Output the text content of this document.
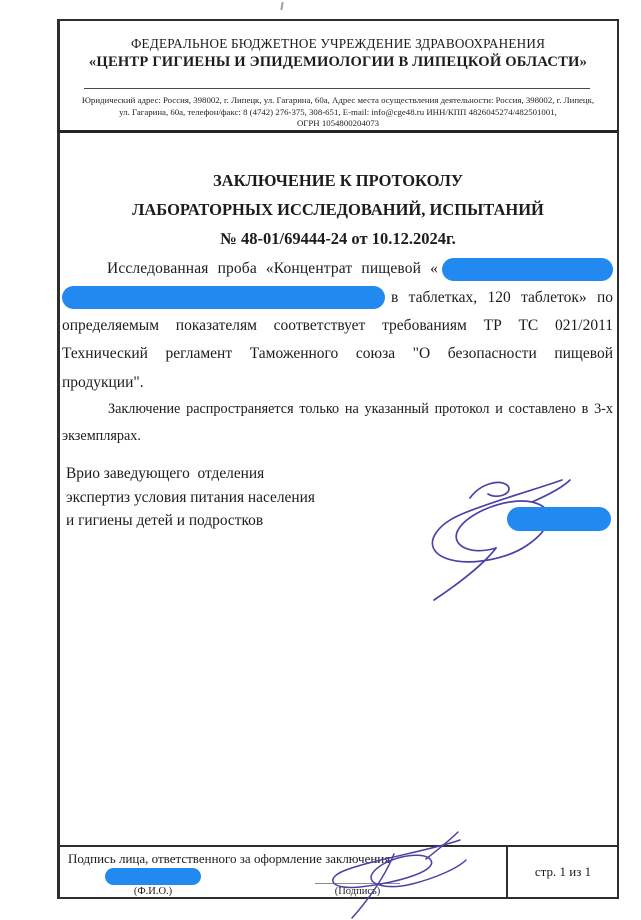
ФЕДЕРАЛЬНОЕ БЮДЖЕТНОЕ УЧРЕЖДЕНИЕ ЗДРАВООХРАНЕНИЯ
«ЦЕНТР ГИГИЕНЫ И ЭПИДЕМИОЛОГИИ В ЛИПЕЦКОЙ ОБЛАСТИ»
Юридический адрес: Россия, 398002, г. Липецк, ул. Гагарина, 60а, Адрес места осуществления деятельности: Россия, 398002, г. Липецк,
ул. Гагарина, 60а, телефон/факс: 8 (4742) 276-375, 308-651, E-mail: info@cge48.ru ИНН/КПП 4826045274/482501001,
ОГРН 1054800204073
ЗАКЛЮЧЕНИЕ К ПРОТОКОЛУ
ЛАБОРАТОРНЫХ ИССЛЕДОВАНИЙ, ИСПЫТАНИЙ
№ 48-01/69444-24 от 10.12.2024г.
Исследованная проба «Концентрат пищевой «
в таблетках, 120 таблеток» по
определяемым показателям соответствует требованиям ТР ТС 021/2011
Технический регламент Таможенного союза "О безопасности пищевой
продукции".
Заключение распространяется только на указанный протокол и составлено в 3-х
экземплярах.
Врио заведующего  отделения
экспертиз условия питания населения
и гигиены детей и подростков
Подпись лица, ответственного за оформление заключения
(Ф.И.О.)	(Подпись)
стр. 1 из 1
